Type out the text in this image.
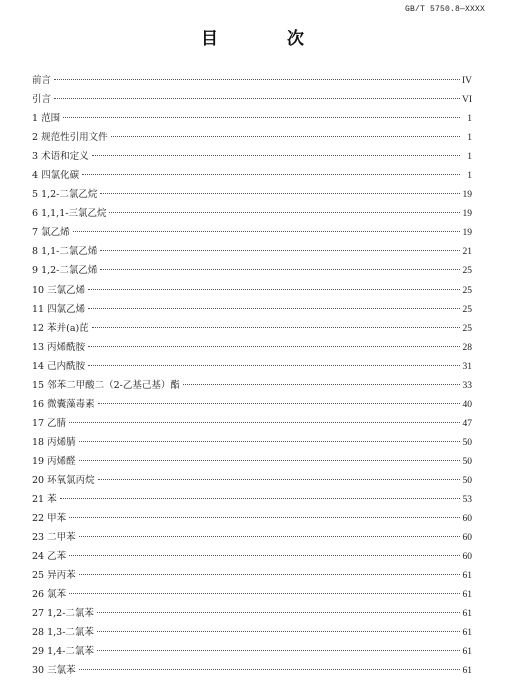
GB/T 5750.8—XXXX
目　次
前言	IV
引言	VI
1 范围	1
2 规范性引用文件	1
3 术语和定义	1
4 四氯化碳	1
5 1,2-二氯乙烷	19
6 1,1,1-三氯乙烷	19
7 氯乙烯	19
8 1,1-二氯乙烯	21
9 1,2-二氯乙烯	25
10 三氯乙烯	25
11 四氯乙烯	25
12 苯并(a)芘	25
13 丙烯酰胺	28
14 己内酰胺	31
15 邻苯二甲酸二（2-乙基己基）酯	33
16 微囊藻毒素	40
17 乙腈	47
18 丙烯腈	50
19 丙烯醛	50
20 环氧氯丙烷	50
21 苯	53
22 甲苯	60
23 二甲苯	60
24 乙苯	60
25 异丙苯	61
26 氯苯	61
27 1,2-二氯苯	61
28 1,3-二氯苯	61
29 1,4-二氯苯	61
30 三氯苯	61
